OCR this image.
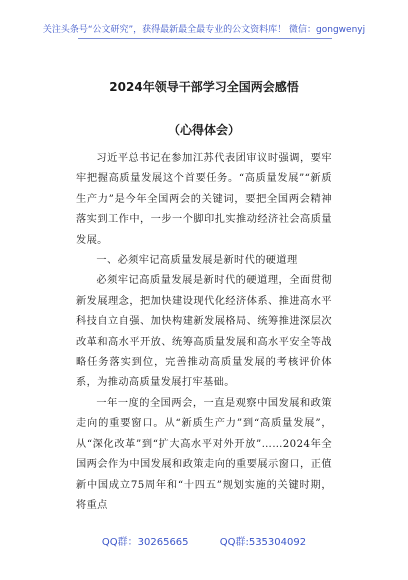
关注头条号“公文研究”，获得最新最全最专业的公文资料库！ 微信：gongwenyj
2024年领导干部学习全国两会感悟
（心得体会）

习近平总书记在参加江苏代表团审议时强调，要牢牢把握高质量发展这个首要任务。“高质量发展”“新质生产力”是今年全国两会的关键词，要把全国两会精神落实到工作中，一步一个脚印扎实推动经济社会高质量发展。

一、必须牢记高质量发展是新时代的硬道理

必须牢记高质量发展是新时代的硬道理，全面贯彻新发展理念，把加快建设现代化经济体系、推进高水平科技自立自强、加快构建新发展格局、统筹推进深层次改革和高水平开放、统筹高质量发展和高水平安全等战略任务落实到位，完善推动高质量发展的考核评价体系，为推动高质量发展打牢基础。

一年一度的全国两会，一直是观察中国发展和政策走向的重要窗口。从“新质生产力”到“高质量发展”，从“深化改革”到“扩大高水平对外开放”……2024年全国两会作为中国发展和政策走向的重要展示窗口，正值新中国成立75周年和“十四五”规划实施的关键时期，将重点

QQ群：30265665	QQ群:535304092
